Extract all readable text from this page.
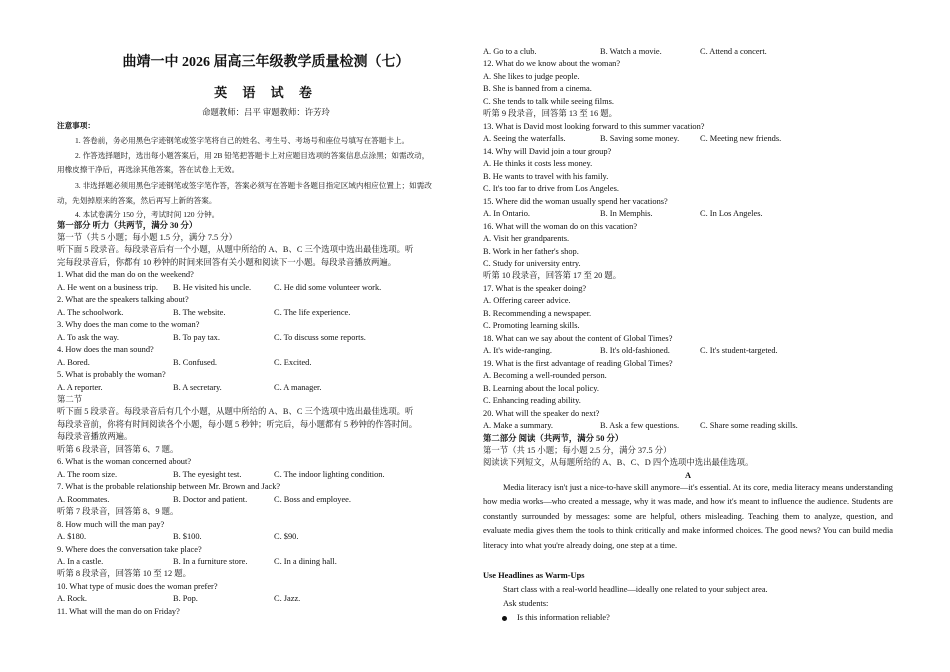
曲靖一中 2026 届高三年级教学质量检测（七）
英 语 试 卷
命题教师：吕平 审题教师：许芳玲
注意事项：
1. 答卷前，务必用黑色字迹钢笔或签字笔将自己的姓名、考生号、考场号和座位号填写在答题卡上。
2. 作答选择题时，选出每小题答案后，用 2B 铅笔把答题卡上对应题目选项的答案信息点涂黑；如需改动，
用橡皮擦干净后，再选涂其他答案，答在试卷上无效。
3. 非选择题必须用黑色字迹钢笔或签字笔作答，答案必须写在答题卡各题目指定区域内相应位置上；如需改
动，先划掉原来的答案，然后再写上新的答案。
4. 本试卷满分 150 分，考试时间 120 分钟。
第一部分 听力（共两节，满分 30 分）
第一节（共 5 小题；每小题 1.5 分，满分 7.5 分）
听下面 5 段录音。每段录音后有一个小题，从题中所给的 A、B、C 三个选项中选出最佳选项。听
完每段录音后，你都有 10 秒钟的时间来回答有关小题和阅读下一小题。每段录音播放两遍。
1. What did the man do on the weekend?
A. He went on a business trip. B. He visited his uncle.	C. He did some volunteer work.
2. What are the speakers talking about?
A. The schoolwork.	B. The website.	C. The life experience.
3. Why does the man come to the woman?
A. To ask the way.	B. To pay tax.	C. To discuss some reports.
4. How does the man sound?
A. Bored.	B. Confused.	C. Excited.
5. What is probably the woman?
A. A reporter.	B. A secretary.	C. A manager.
第二节
听下面 5 段录音。每段录音后有几个小题，从题中所给的 A、B、C 三个选项中选出最佳选项。听
每段录音前，你将有时间阅读各个小题，每小题 5 秒钟；听完后，每小题都有 5 秒钟的作答时间。
每段录音播放两遍。
听第 6 段录音，回答第 6、7 题。
6. What is the woman concerned about?
A. The room size.	B. The eyesight test.	C. The indoor lighting condition.
7. What is the probable relationship between Mr. Brown and Jack?
A. Roommates.	B. Doctor and patient.	C. Boss and employee.
听第 7 段录音，回答第 8、9 题。
8. How much will the man pay?
A. $180.	B. $100.	C. $90.
9. Where does the conversation take place?
A. In a castle.	B. In a furniture store.	C. In a dining hall.
听第 8 段录音，回答第 10 至 12 题。
10. What type of music does the woman prefer?
A. Rock.	B. Pop.	C. Jazz.
11. What will the man do on Friday?
A. Go to a club.	B. Watch a movie.	C. Attend a concert.
12. What do we know about the woman?
A. She likes to judge people.
B. She is banned from a cinema.
C. She tends to talk while seeing films.
听第 9 段录音，回答第 13 至 16 题。
13. What is David most looking forward to this summer vacation?
A. Seeing the waterfalls.	B. Saving some money. C. Meeting new friends.
14. Why will David join a tour group?
A. He thinks it costs less money.
B. He wants to travel with his family.
C. It's too far to drive from Los Angeles.
15. Where did the woman usually spend her vacations?
A. In Ontario.	B. In Memphis.	C. In Los Angeles.
16. What will the woman do on this vacation?
A. Visit her grandparents.
B. Work in her father's shop.
C. Study for university entry.
听第 10 段录音，回答第 17 至 20 题。
17. What is the speaker doing?
A. Offering career advice.
B. Recommending a newspaper.
C. Promoting learning skills.
18. What can we say about the content of Global Times?
A. It's wide-ranging.	B. It's old-fashioned.	C. It's student-targeted.
19. What is the first advantage of reading Global Times?
A. Becoming a well-rounded person.
B. Learning about the local policy.
C. Enhancing reading ability.
20. What will the speaker do next?
A. Make a summary.	B. Ask a few questions. C. Share some reading skills.
第二部分 阅读（共两节，满分 50 分）
第一节（共 15 小题；每小题 2.5 分，满分 37.5 分）
阅读读下列短文，从每题所给的 A、B、C、D 四个选项中选出最佳选项。
A
Media literacy isn't just a nice-to-have skill anymore—it's essential. At its core, media literacy means understanding how media works—who created a message, why it was made, and how it's meant to influence the audience. Students are constantly surrounded by messages: some are helpful, others misleading. Teaching them to analyze, question, and evaluate media gives them the tools to think critically and make informed choices. The good news? You can build media literacy into what you're already doing, one step at a time.
Use Headlines as Warm-Ups
Start class with a real-world headline—ideally one related to your subject area.
Ask students:
Is this information reliable?
